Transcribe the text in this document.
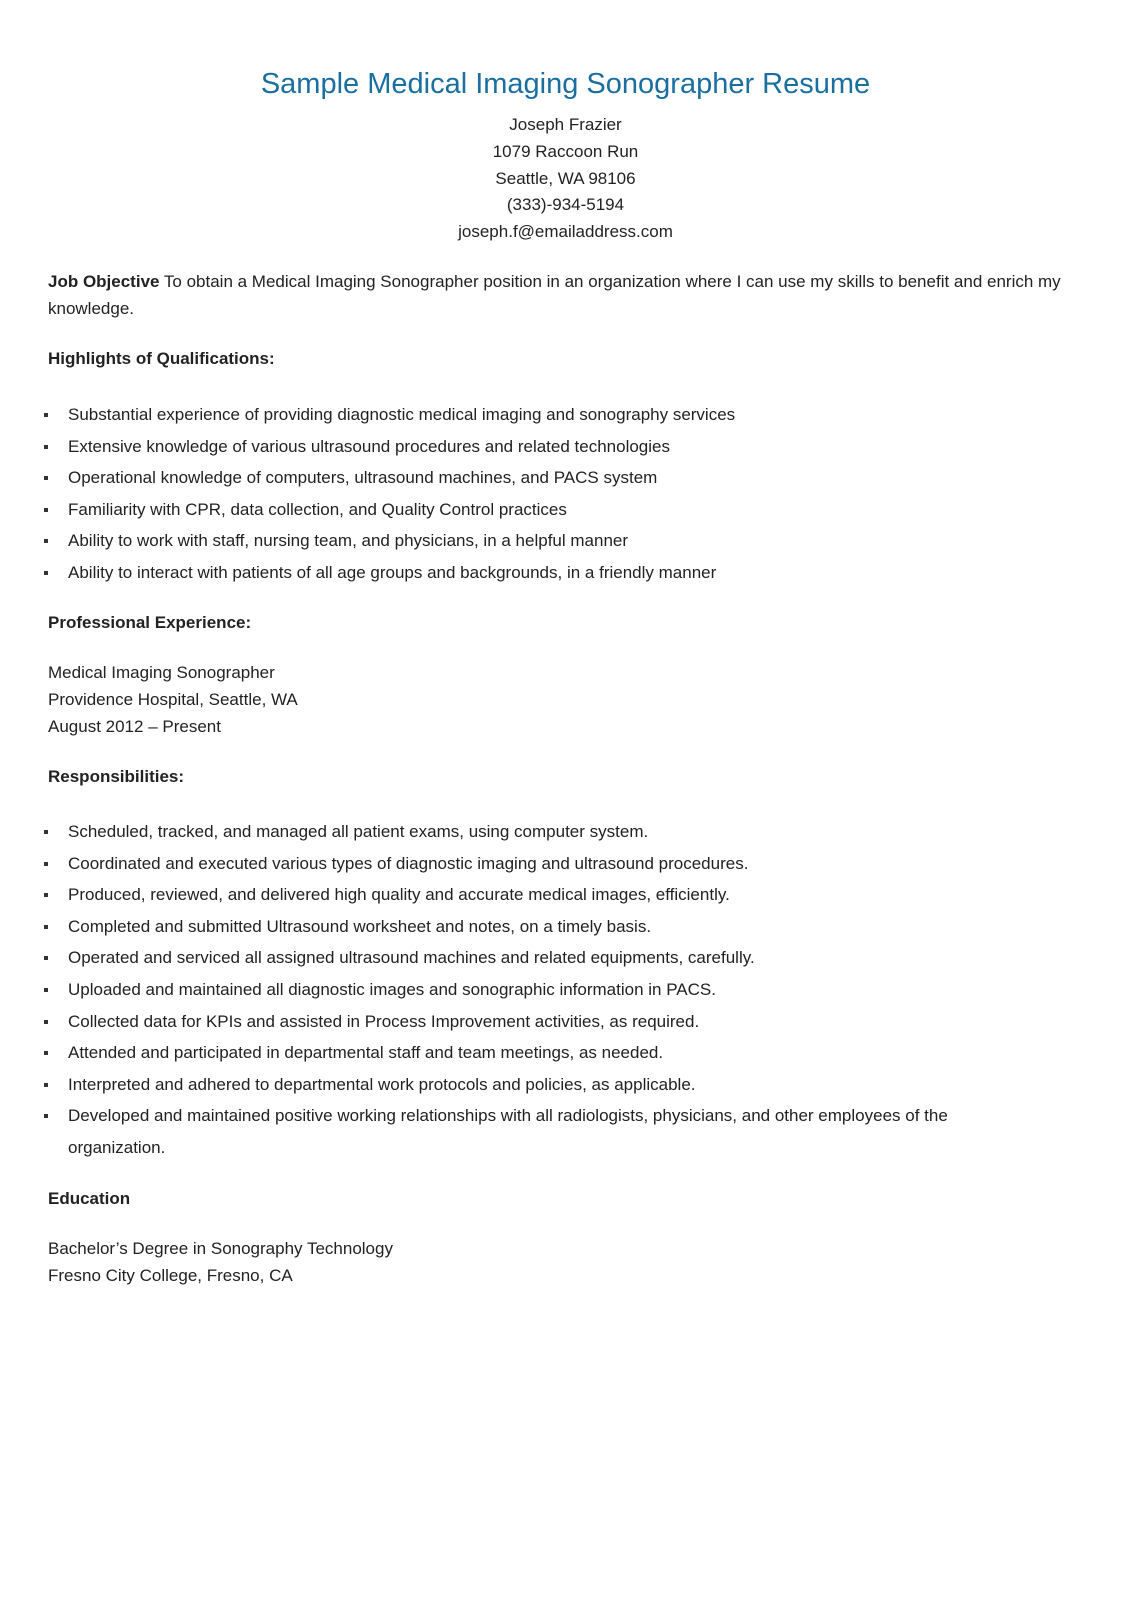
Sample Medical Imaging Sonographer Resume
Joseph Frazier
1079 Raccoon Run
Seattle, WA 98106
(333)-934-5194
joseph.f@emailaddress.com
Job Objective To obtain a Medical Imaging Sonographer position in an organization where I can use my skills to benefit and enrich my knowledge.
Highlights of Qualifications:
Substantial experience of providing diagnostic medical imaging and sonography services
Extensive knowledge of various ultrasound procedures and related technologies
Operational knowledge of computers, ultrasound machines, and PACS system
Familiarity with CPR, data collection, and Quality Control practices
Ability to work with staff, nursing team, and physicians, in a helpful manner
Ability to interact with patients of all age groups and backgrounds, in a friendly manner
Professional Experience:
Medical Imaging Sonographer
Providence Hospital, Seattle, WA
August 2012 – Present
Responsibilities:
Scheduled, tracked, and managed all patient exams, using computer system.
Coordinated and executed various types of diagnostic imaging and ultrasound procedures.
Produced, reviewed, and delivered high quality and accurate medical images, efficiently.
Completed and submitted Ultrasound worksheet and notes, on a timely basis.
Operated and serviced all assigned ultrasound machines and related equipments, carefully.
Uploaded and maintained all diagnostic images and sonographic information in PACS.
Collected data for KPIs and assisted in Process Improvement activities, as required.
Attended and participated in departmental staff and team meetings, as needed.
Interpreted and adhered to departmental work protocols and policies, as applicable.
Developed and maintained positive working relationships with all radiologists, physicians, and other employees of the organization.
Education
Bachelor’s Degree in Sonography Technology
Fresno City College, Fresno, CA
